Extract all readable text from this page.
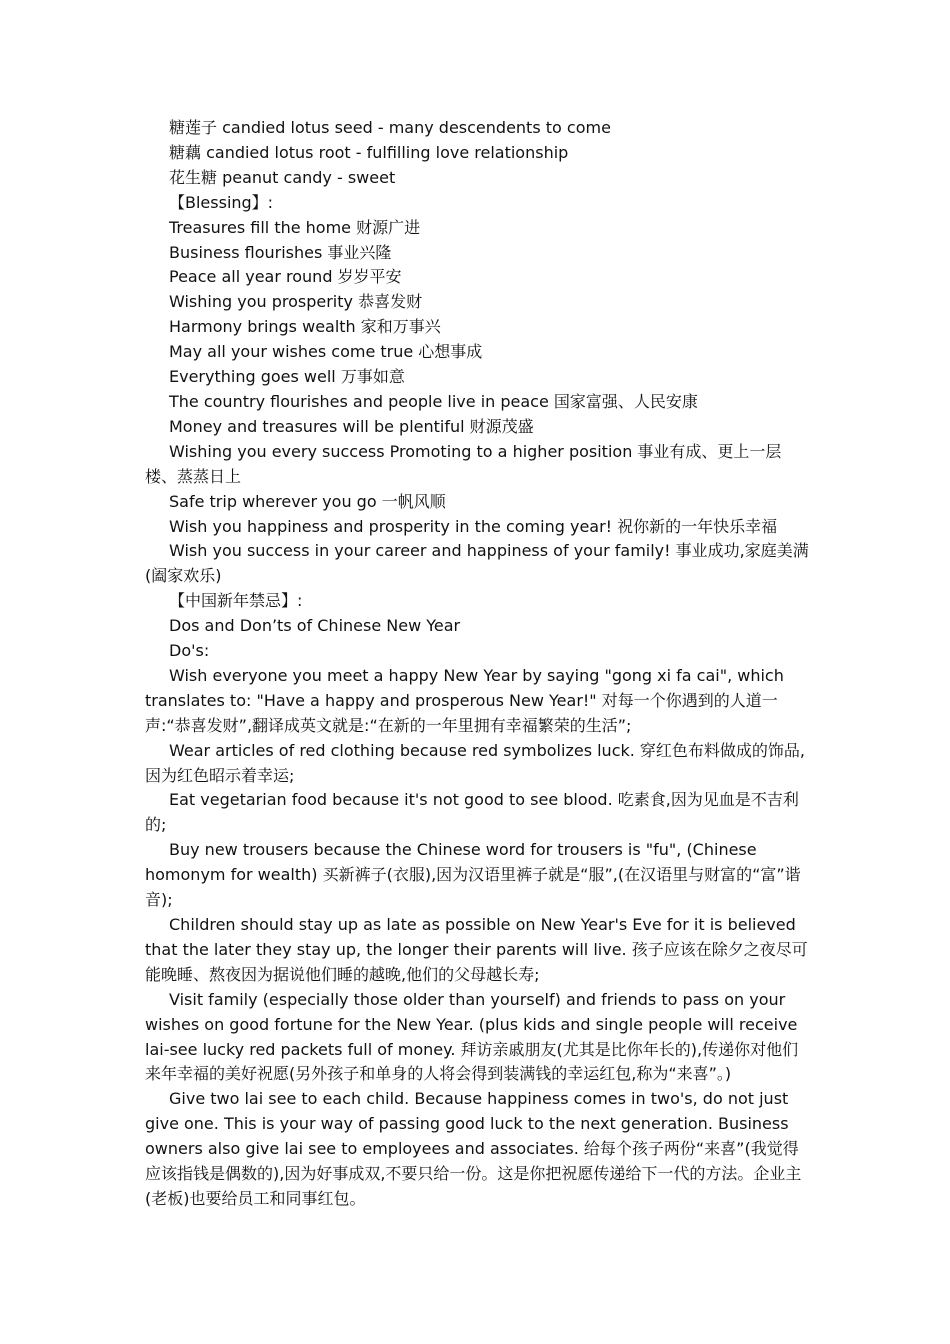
糖莲子 candied lotus seed - many descendents to come

糖藕 candied lotus root - fulfilling love relationship

花生糖 peanut candy - sweet

【Blessing】:

Treasures fill the home 财源广进

Business flourishes 事业兴隆

Peace all year round 岁岁平安

Wishing you prosperity 恭喜发财

Harmony brings wealth 家和万事兴

May all your wishes come true 心想事成

Everything goes well 万事如意

The country flourishes and people live in peace 国家富强、人民安康

Money and treasures will be plentiful 财源茂盛

Wishing you every success Promoting to a higher position 事业有成、更上一层楼、蒸蒸日上

Safe trip wherever you go 一帆风顺

Wish you happiness and prosperity in the coming year! 祝你新的一年快乐幸福

Wish you success in your career and happiness of your family! 事业成功,家庭美满(阖家欢乐)

【中国新年禁忌】:

Dos and Don’ts of Chinese New Year

Do's:

Wish everyone you meet a happy New Year by saying "gong xi fa cai", which translates to: "Have a happy and prosperous New Year!" 对每一个你遇到的人道一声:“恭喜发财”,翻译成英文就是:“在新的一年里拥有幸福繁荣的生活”;

Wear articles of red clothing because red symbolizes luck. 穿红色布料做成的饰品,因为红色昭示着幸运;

Eat vegetarian food because it's not good to see blood. 吃素食,因为见血是不吉利的;

Buy new trousers because the Chinese word for trousers is "fu", (Chinese homonym for wealth) 买新裤子(衣服),因为汉语里裤子就是“服”,(在汉语里与财富的“富”谐音);

Children should stay up as late as possible on New Year's Eve for it is believed that the later they stay up, the longer their parents will live. 孩子应该在除夕之夜尽可能晚睡、熬夜因为据说他们睡的越晚,他们的父母越长寿;

Visit family (especially those older than yourself) and friends to pass on your wishes on good fortune for the New Year. (plus kids and single people will receive lai-see lucky red packets full of money. 拜访亲戚朋友(尤其是比你年长的),传递你对他们来年幸福的美好祝愿(另外孩子和单身的人将会得到装满钱的幸运红包,称为“来喜”。)

Give two lai see to each child. Because happiness comes in two's, do not just give one. This is your way of passing good luck to the next generation. Business owners also give lai see to employees and associates. 给每个孩子两份“来喜”(我觉得应该指钱是偶数的),因为好事成双,不要只给一份。这是你把祝愿传递给下一代的方法。企业主(老板)也要给员工和同事红包。
